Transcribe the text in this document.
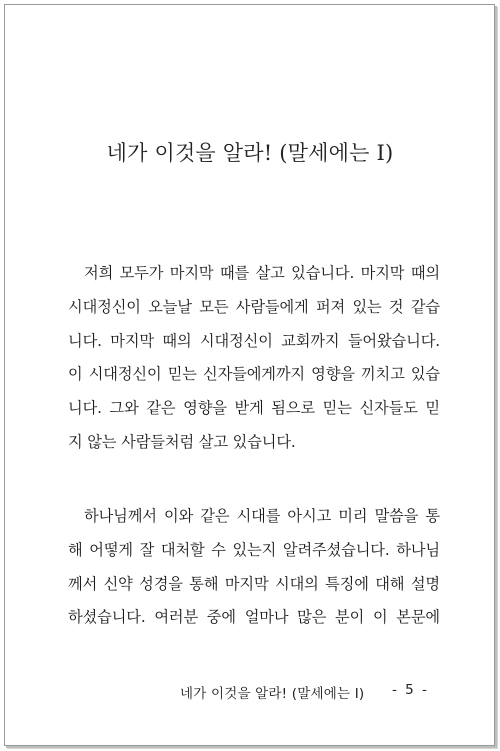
네가 이것을 알라! (말세에는 I)
저희 모두가 마지막 때를 살고 있습니다. 마지막 때의
시대정신이 오늘날 모든 사람들에게 퍼져 있는 것 같습
니다. 마지막 때의 시대정신이 교회까지 들어왔습니다.
이 시대정신이 믿는 신자들에게까지 영향을 끼치고 있습
니다. 그와 같은 영향을 받게 됨으로 믿는 신자들도 믿
지 않는 사람들처럼 살고 있습니다.
하나님께서 이와 같은 시대를 아시고 미리 말씀을 통
해 어떻게 잘 대처할 수 있는지 알려주셨습니다. 하나님
께서 신약 성경을 통해 마지막 시대의 특징에 대해 설명
하셨습니다. 여러분 중에 얼마나 많은 분이 이 본문에
네가 이것을 알라! (말세에는 I) - 5 -
